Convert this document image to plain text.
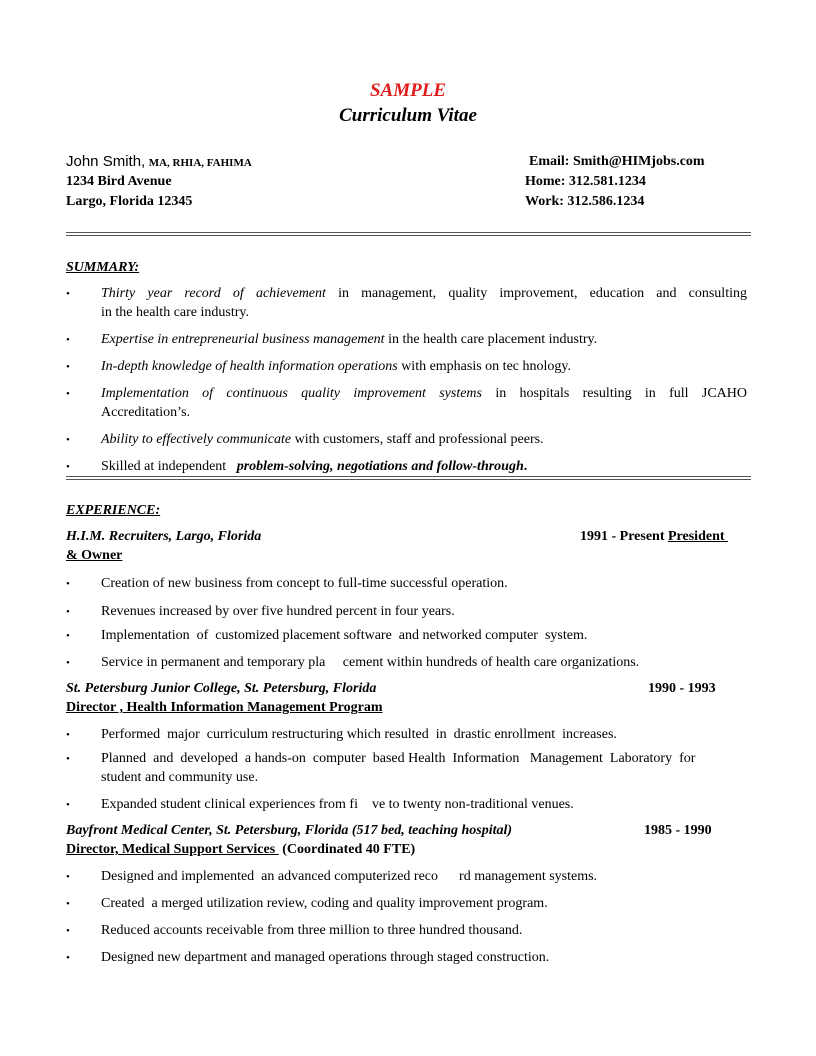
SAMPLE
Curriculum Vitae
John Smith, MA, RHIA, FAHIMA
1234 Bird Avenue
Largo, Florida 12345
Email: Smith@HIMjobs.com
Home: 312.581.1234
Work: 312.586.1234
SUMMARY:
• Thirty year record of achievement in management, quality improvement, education and consulting
in the health care industry.
• Expertise in entrepreneurial business management in the health care placement industry.
• In-depth knowledge of health information operations with emphasis on tec hnology.
• Implementation of continuous quality improvement systems in hospitals resulting in full JCAHO
Accreditation’s.
• Ability to effectively communicate with customers, staff and professional peers.
• Skilled at independent   problem-solving, negotiations and follow-through.
EXPERIENCE:
H.I.M. Recruiters, Largo, Florida	1991 - Present President
& Owner
• Creation of new business from concept to full-time successful operation.
• Revenues increased by over five hundred percent in four years.
• Implementation  of  customized placement software  and networked computer  system.
• Service in permanent and temporary pla     cement within hundreds of health care organizations.
St. Petersburg Junior College, St. Petersburg, Florida	1990 - 1993
Director , Health Information Management Program
• Performed  major  curriculum restructuring which resulted  in  drastic enrollment  increases.
• Planned  and  developed  a hands-on  computer  based Health  Information   Management  Laboratory  for
student and community use.
• Expanded student clinical experiences from fi    ve to twenty non-traditional venues.
Bayfront Medical Center, St. Petersburg, Florida (517 bed, teaching hospital)	1985 - 1990
Director, Medical Support Services  (Coordinated 40 FTE)
• Designed and implemented  an advanced computerized reco      rd management systems.
• Created  a merged utilization review, coding and quality improvement program.
• Reduced accounts receivable from three million to three hundred thousand.
• Designed new department and managed operations through staged construction.
